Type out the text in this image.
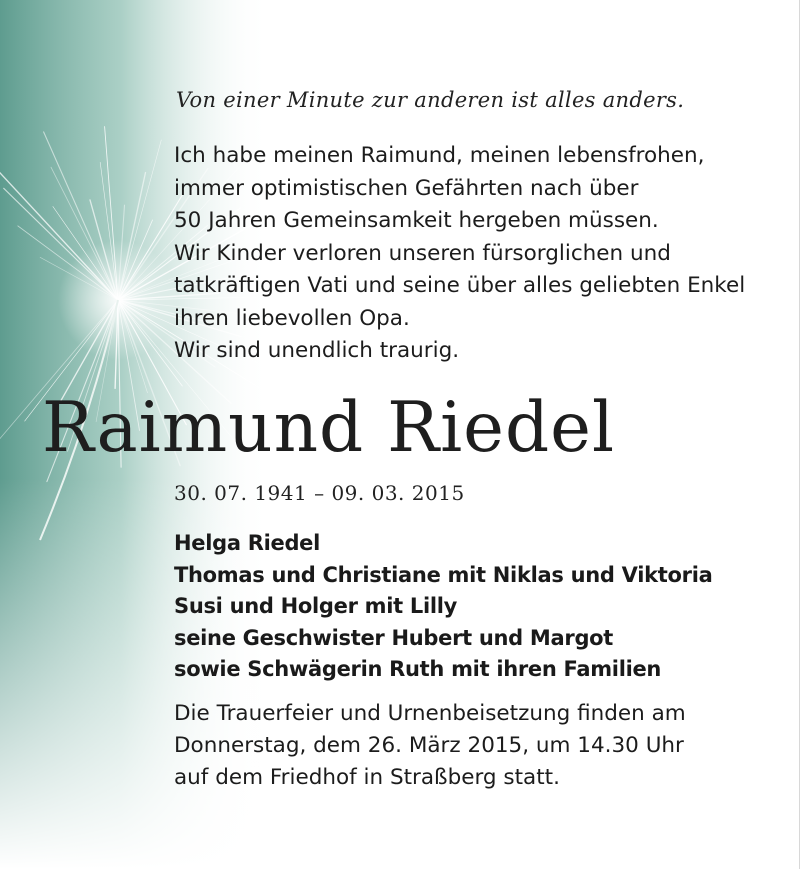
Von einer Minute zur anderen ist alles anders.

Ich habe meinen Raimund, meinen lebensfrohen,
immer optimistischen Gefährten nach über
50 Jahren Gemeinsamkeit hergeben müssen.
Wir Kinder verloren unseren fürsorglichen und
tatkräftigen Vati und seine über alles geliebten Enkel
ihren liebevollen Opa.
Wir sind unendlich traurig.
Raimund Riedel

30. 07. 1941 – 09. 03. 2015

Helga Riedel
Thomas und Christiane mit Niklas und Viktoria
Susi und Holger mit Lilly
seine Geschwister Hubert und Margot
sowie Schwägerin Ruth mit ihren Familien
Die Trauerfeier und Urnenbeisetzung finden am
Donnerstag, dem 26. März 2015, um 14.30 Uhr
auf dem Friedhof in Straßberg statt.
